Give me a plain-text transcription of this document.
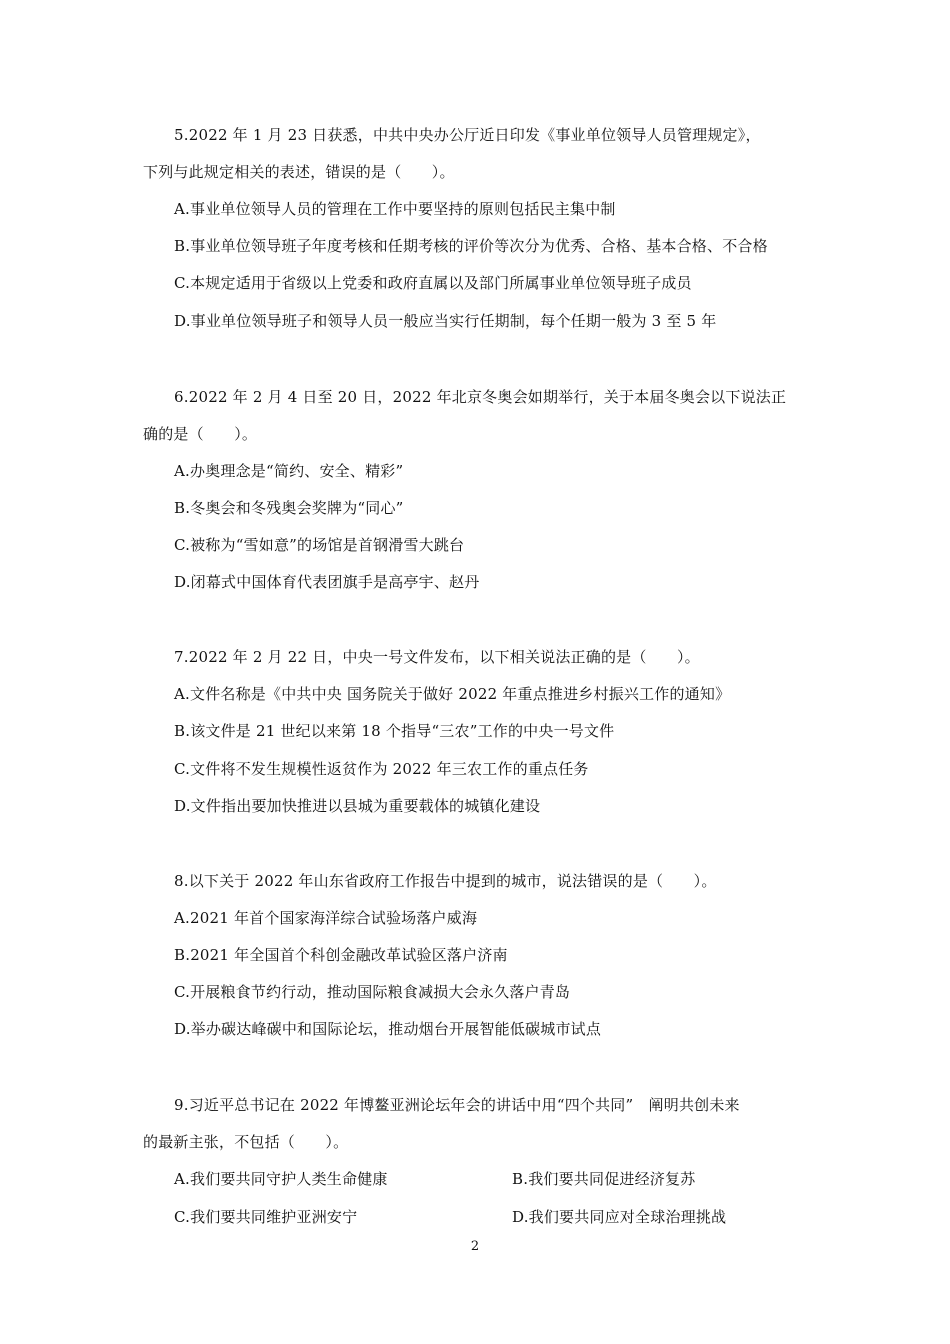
5.2022 年 1 月 23 日获悉，中共中央办公厅近日印发《事业单位领导人员管理规定》，
下列与此规定相关的表述，错误的是（　　）。
A.事业单位领导人员的管理在工作中要坚持的原则包括民主集中制
B.事业单位领导班子年度考核和任期考核的评价等次分为优秀、合格、基本合格、不合格
C.本规定适用于省级以上党委和政府直属以及部门所属事业单位领导班子成员
D.事业单位领导班子和领导人员一般应当实行任期制，每个任期一般为 3 至 5 年
6.2022 年 2 月 4 日至 20 日，2022 年北京冬奥会如期举行，关于本届冬奥会以下说法正
确的是（　　）。
A.办奥理念是“简约、安全、精彩”
B.冬奥会和冬残奥会奖牌为“同心”
C.被称为“雪如意”的场馆是首钢滑雪大跳台
D.闭幕式中国体育代表团旗手是高亭宇、赵丹
7.2022 年 2 月 22 日，中央一号文件发布，以下相关说法正确的是（　　）。
A.文件名称是《中共中央 国务院关于做好 2022 年重点推进乡村振兴工作的通知》
B.该文件是 21 世纪以来第 18 个指导“三农”工作的中央一号文件
C.文件将不发生规模性返贫作为 2022 年三农工作的重点任务
D.文件指出要加快推进以县城为重要载体的城镇化建设
8.以下关于 2022 年山东省政府工作报告中提到的城市，说法错误的是（　　）。
A.2021 年首个国家海洋综合试验场落户威海
B.2021 年全国首个科创金融改革试验区落户济南
C.开展粮食节约行动，推动国际粮食减损大会永久落户青岛
D.举办碳达峰碳中和国际论坛，推动烟台开展智能低碳城市试点
9.习近平总书记在 2022 年博鳌亚洲论坛年会的讲话中用“四个共同”　阐明共创未来
的最新主张，不包括（　　）。
A.我们要共同守护人类生命健康	B.我们要共同促进经济复苏
C.我们要共同维护亚洲安宁	D.我们要共同应对全球治理挑战
2
